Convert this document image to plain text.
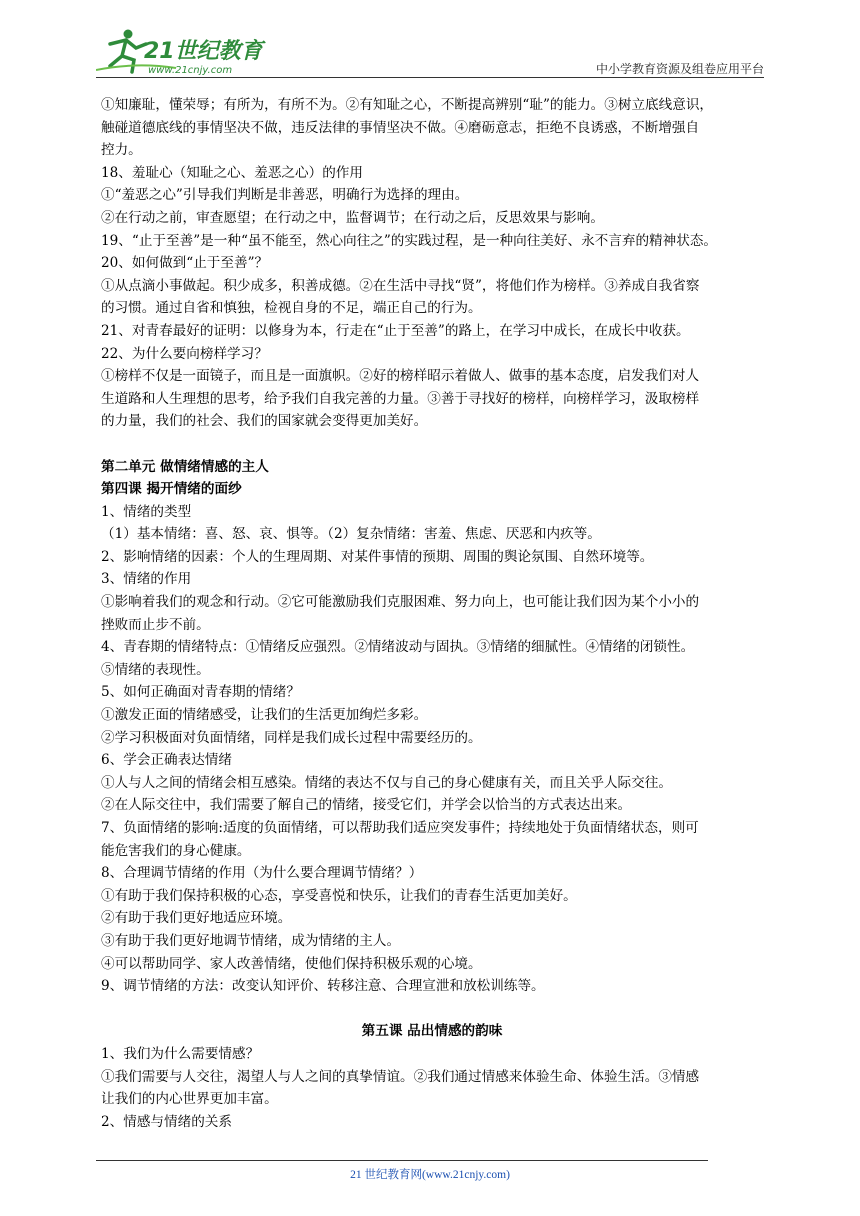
21世纪教育
www.21cnjy.com	中小学教育资源及组卷应用平台
①知廉耻，懂荣辱；有所为，有所不为。②有知耻之心，不断提高辨别“耻”的能力。③树立底线意识，
触碰道德底线的事情坚决不做，违反法律的事情坚决不做。④磨砺意志，拒绝不良诱惑，不断增强自
控力。
18、羞耻心（知耻之心、羞恶之心）的作用
①“羞恶之心”引导我们判断是非善恶，明确行为选择的理由。
②在行动之前，审查愿望；在行动之中，监督调节；在行动之后，反思效果与影响。
19、“止于至善”是一种“虽不能至，然心向往之”的实践过程，是一种向往美好、永不言弃的精神状态。
20、如何做到“止于至善”？
①从点滴小事做起。积少成多，积善成德。②在生活中寻找“贤”，将他们作为榜样。③养成自我省察
的习惯。通过自省和慎独，检视自身的不足，端正自己的行为。
21、对青春最好的证明：以修身为本，行走在“止于至善”的路上，在学习中成长，在成长中收获。
22、为什么要向榜样学习？
①榜样不仅是一面镜子，而且是一面旗帜。②好的榜样昭示着做人、做事的基本态度，启发我们对人
生道路和人生理想的思考，给予我们自我完善的力量。③善于寻找好的榜样，向榜样学习，汲取榜样
的力量，我们的社会、我们的国家就会变得更加美好。
第二单元 做情绪情感的主人
第四课 揭开情绪的面纱
1、情绪的类型
（1）基本情绪：喜、怒、哀、惧等。（2）复杂情绪：害羞、焦虑、厌恶和内疚等。
2、影响情绪的因素：个人的生理周期、对某件事情的预期、周围的舆论氛围、自然环境等。
3、情绪的作用
①影响着我们的观念和行动。②它可能激励我们克服困难、努力向上，也可能让我们因为某个小小的
挫败而止步不前。
4、青春期的情绪特点：①情绪反应强烈。②情绪波动与固执。③情绪的细腻性。④情绪的闭锁性。
⑤情绪的表现性。
5、如何正确面对青春期的情绪？
①激发正面的情绪感受，让我们的生活更加绚烂多彩。
②学习积极面对负面情绪，同样是我们成长过程中需要经历的。
6、学会正确表达情绪
①人与人之间的情绪会相互感染。情绪的表达不仅与自己的身心健康有关，而且关乎人际交往。
②在人际交往中，我们需要了解自己的情绪，接受它们，并学会以恰当的方式表达出来。
7、负面情绪的影响:适度的负面情绪，可以帮助我们适应突发事件；持续地处于负面情绪状态，则可
能危害我们的身心健康。
8、合理调节情绪的作用（为什么要合理调节情绪？）
①有助于我们保持积极的心态，享受喜悦和快乐，让我们的青春生活更加美好。
②有助于我们更好地适应环境。
③有助于我们更好地调节情绪，成为情绪的主人。
④可以帮助同学、家人改善情绪，使他们保持积极乐观的心境。
9、调节情绪的方法：改变认知评价、转移注意、合理宣泄和放松训练等。
第五课 品出情感的韵味
1、我们为什么需要情感？
①我们需要与人交往，渴望人与人之间的真挚情谊。②我们通过情感来体验生命、体验生活。③情感
让我们的内心世界更加丰富。
2、情感与情绪的关系
21 世纪教育网(www.21cnjy.com)
